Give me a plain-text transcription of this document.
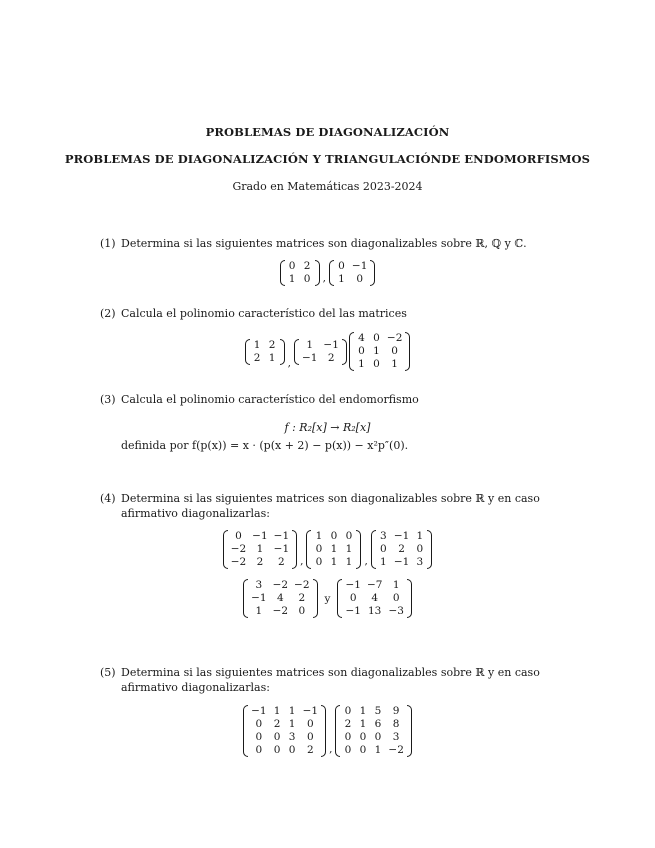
PROBLEMAS DE DIAGONALIZACIÓN
PROBLEMAS DE DIAGONALIZACIÓN Y TRIANGULACIÓNDE ENDOMORFISMOS
Grado en Matemáticas 2023-2024
(1) Determina si las siguientes matrices son diagonalizables sobre ℝ, ℚ y ℂ.
0	2
1	0 ,
0	−1
1	0
(2) Calcula el polinomio característico del las matrices
1	2
2	1 ,
1	−1
−1	2
4	0	−2
0	1	0
1	0	1
(3) Calcula el polinomio característico del endomorfismo
f : R₂[x] → R₂[x]
definida por f(p(x)) = x · (p(x + 2) − p(x)) − x²p″(0).
(4) Determina si las siguientes matrices son diagonalizables sobre ℝ y en caso afirmativo diagonalizarlas:
0	−1	−1
−2	1	−1
−2	2	2 ,
1	0	0
0	1	1
0	1	1 ,
3	−1	1
0	2	0
1	−1	3
3	−2	−2
−1	4	2
1	−2	0
y
−1	−7	1
0	4	0
−1	13	−3
(5) Determina si las siguientes matrices son diagonalizables sobre ℝ y en caso afirmativo diagonalizarlas:
−1	1	1	−1
0	2	1	0
0	0	3	0
0	0	0	2 ,
0	1	5	9
2	1	6	8
0	0	0	3
0	0	1	−2
